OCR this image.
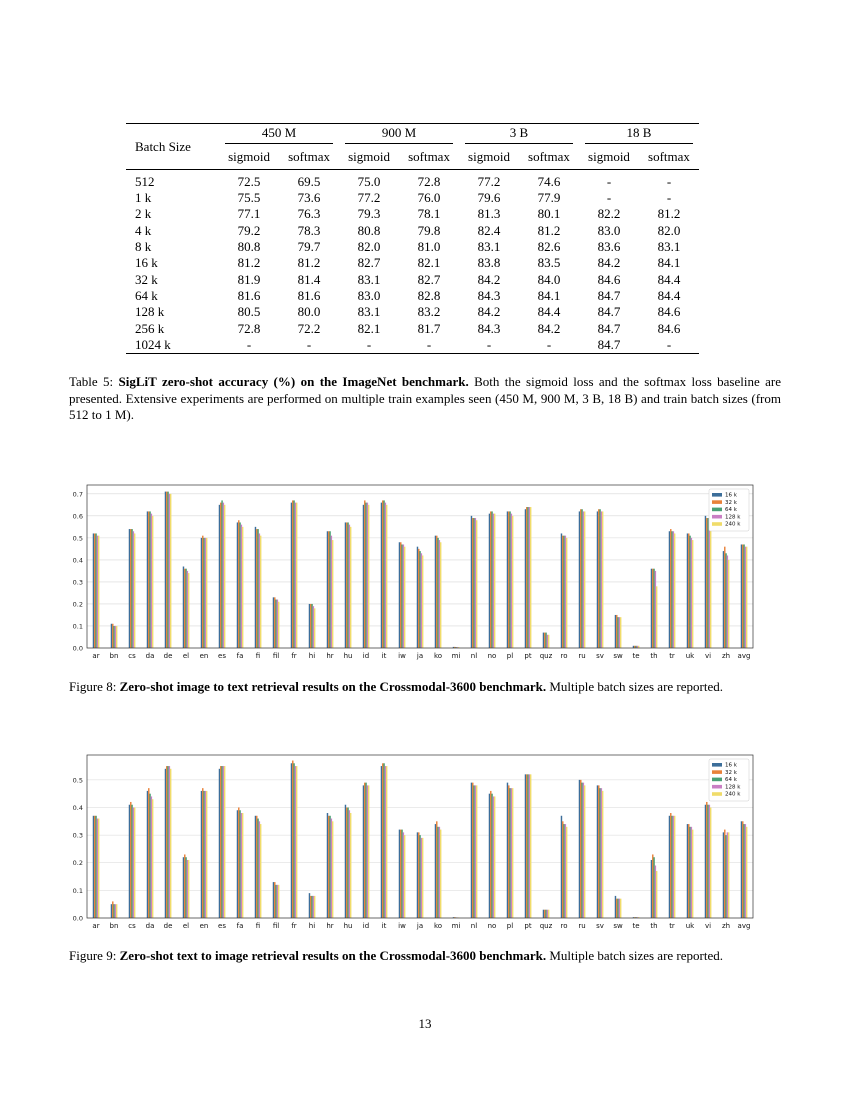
Batch Size	450 M		900 M		3 B		18 B	

	sigmoid	softmax	sigmoid	softmax	sigmoid	softmax	sigmoid	softmax
512	72.5	69.5	75.0	72.8	77.2	74.6	-	-
1 k	75.5	73.6	77.2	76.0	79.6	77.9	-	-
2 k	77.1	76.3	79.3	78.1	81.3	80.1	82.2	81.2
4 k	79.2	78.3	80.8	79.8	82.4	81.2	83.0	82.0
8 k	80.8	79.7	82.0	81.0	83.1	82.6	83.6	83.1
16 k	81.2	81.2	82.7	82.1	83.8	83.5	84.2	84.1
32 k	81.9	81.4	83.1	82.7	84.2	84.0	84.6	84.4
64 k	81.6	81.6	83.0	82.8	84.3	84.1	84.7	84.4
128 k	80.5	80.0	83.1	83.2	84.2	84.4	84.7	84.6
256 k	72.8	72.2	82.1	81.7	84.3	84.2	84.7	84.6
1024 k	-	-	-	-	-	-	84.7	-
Table 5: SigLiT zero-shot accuracy (%) on the ImageNet benchmark. Both the sigmoid loss and the softmax loss baseline are presented. Extensive experiments are performed on multiple train examples seen (450 M, 900 M, 3 B, 18 B) and train batch sizes (from 512 to 1 M).
0.0
0.1
0.2
0.3
0.4
0.5
0.6
0.7
ar bn cs da de el en es fa fi fil fr hi hr hu id it iw ja ko mi nl no pl pt quz ro ru sv sw te th tr uk vi zh avg
16 k
32 k
64 k
128 k
240 k
Figure 8: Zero-shot image to text retrieval results on the Crossmodal-3600 benchmark. Multiple batch sizes are reported.
0.0
0.1
0.2
0.3
0.4
0.5
ar bn cs da de el en es fa fi fil fr hi hr hu id it iw ja ko mi nl no pl pt quz ro ru sv sw te th tr uk vi zh avg
16 k
32 k
64 k
128 k
240 k
Figure 9: Zero-shot text to image retrieval results on the Crossmodal-3600 benchmark. Multiple batch sizes are reported.
13
